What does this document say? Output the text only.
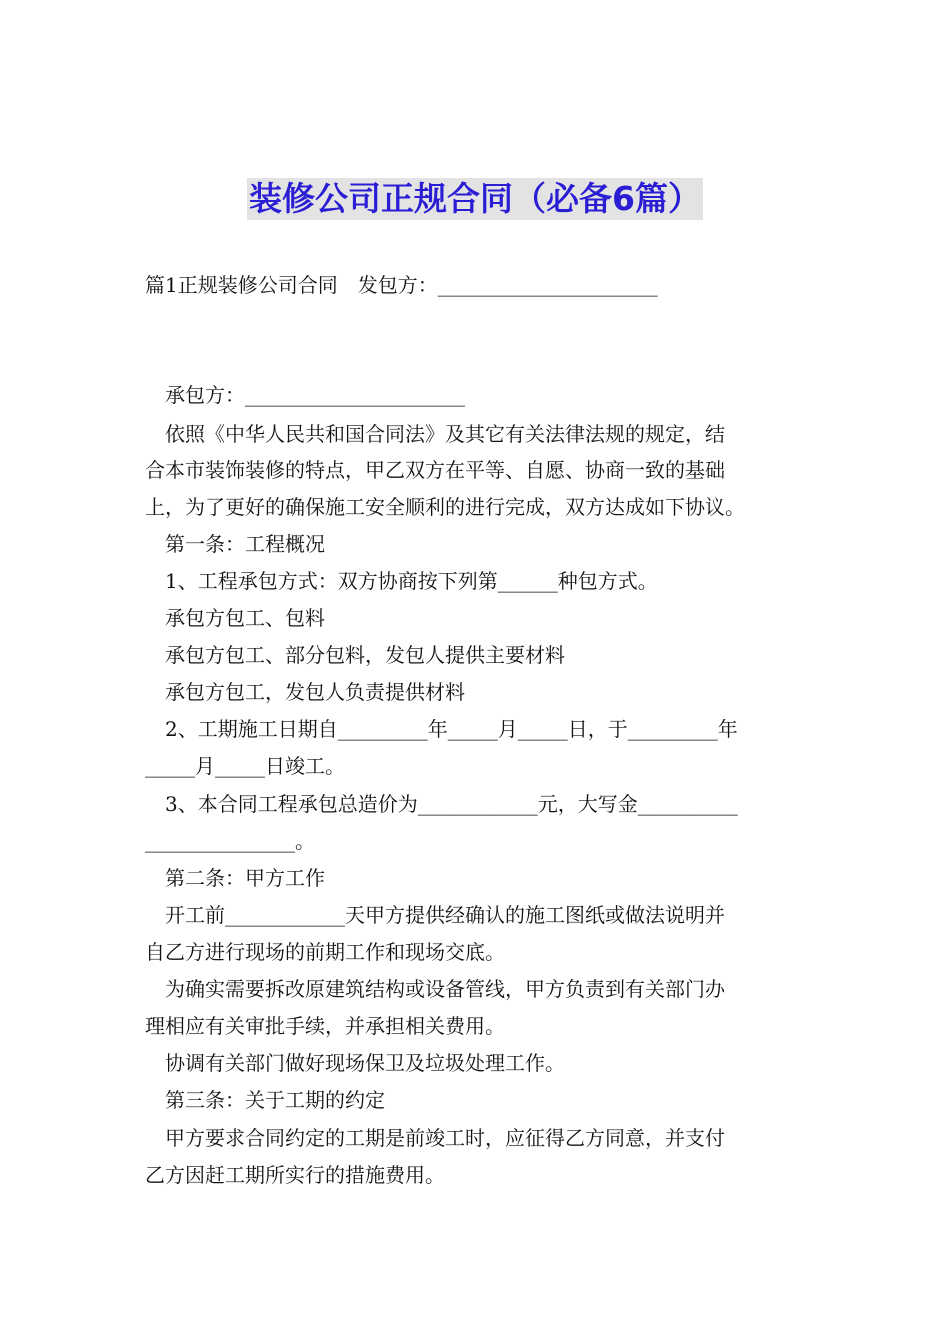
装修公司正规合同（必备6篇）
篇1正规装修公司合同　发包方：______________________
承包方：______________________
依照《中华人民共和国合同法》及其它有关法律法规的规定，结
合本市装饰装修的特点，甲乙双方在平等、自愿、协商一致的基础
上，为了更好的确保施工安全顺利的进行完成，双方达成如下协议。
第一条：工程概况
1、工程承包方式：双方协商按下列第______种包方式。
承包方包工、包料
承包方包工、部分包料，发包人提供主要材料
承包方包工，发包人负责提供材料
2、工期施工日期自_________年_____月_____日，于_________年
_____月_____日竣工。
3、本合同工程承包总造价为____________元，大写金__________
_______________。
第二条：甲方工作
开工前____________天甲方提供经确认的施工图纸或做法说明并
自乙方进行现场的前期工作和现场交底。
为确实需要拆改原建筑结构或设备管线，甲方负责到有关部门办
理相应有关审批手续，并承担相关费用。
协调有关部门做好现场保卫及垃圾处理工作。
第三条：关于工期的约定
甲方要求合同约定的工期是前竣工时，应征得乙方同意，并支付
乙方因赶工期所实行的措施费用。
